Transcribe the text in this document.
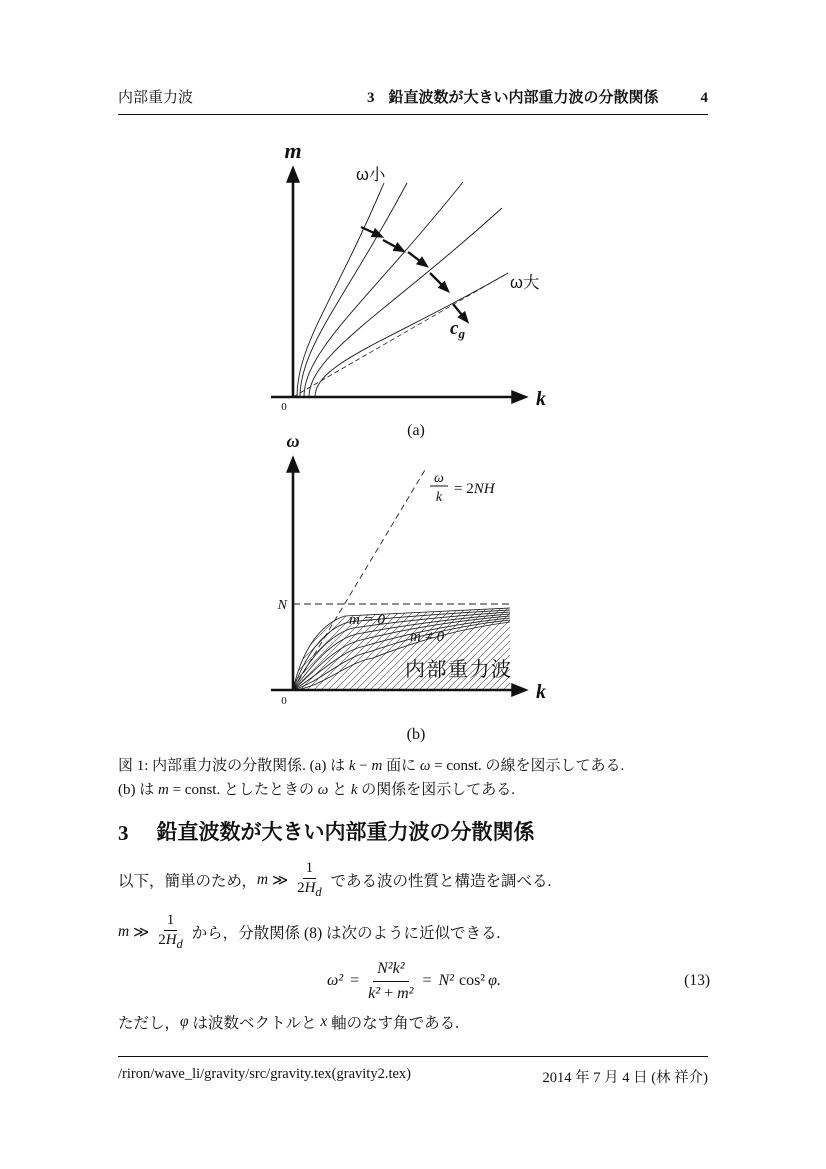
内部重力波	3 鉛直波数が大きい内部重力波の分散関係	4
m
k
0
ω小
ω大
$c_g$
(a)
ω
k
0
N
ω
k
= 2NH
m = 0
m ≠ 0
内部重力波
(b)
図 1: 内部重力波の分散関係. (a) は k − m 面に ω = const. の線を図示してある.
(b) は m = const. としたときの ω と k の関係を図示してある.
3 鉛直波数が大きい内部重力波の分散関係
以下，簡単のため， m ≫ $\frac{1}{2H_d}$ である波の性質と構造を調べる.
m ≫ $\frac{1}{2H_d}$ から，分散関係 (8) は次のように近似できる.
$\omega^2 = \frac{\text{N²k²}}{\text{k² + m²}} = N^2$ cos² φ.	(13)
ただし， φ は波数ベクトルと x 軸のなす角である.
/riron/wave_li/gravity/src/gravity.tex(gravity2.tex)	2014 年 7 月 4 日 (林 祥介)
